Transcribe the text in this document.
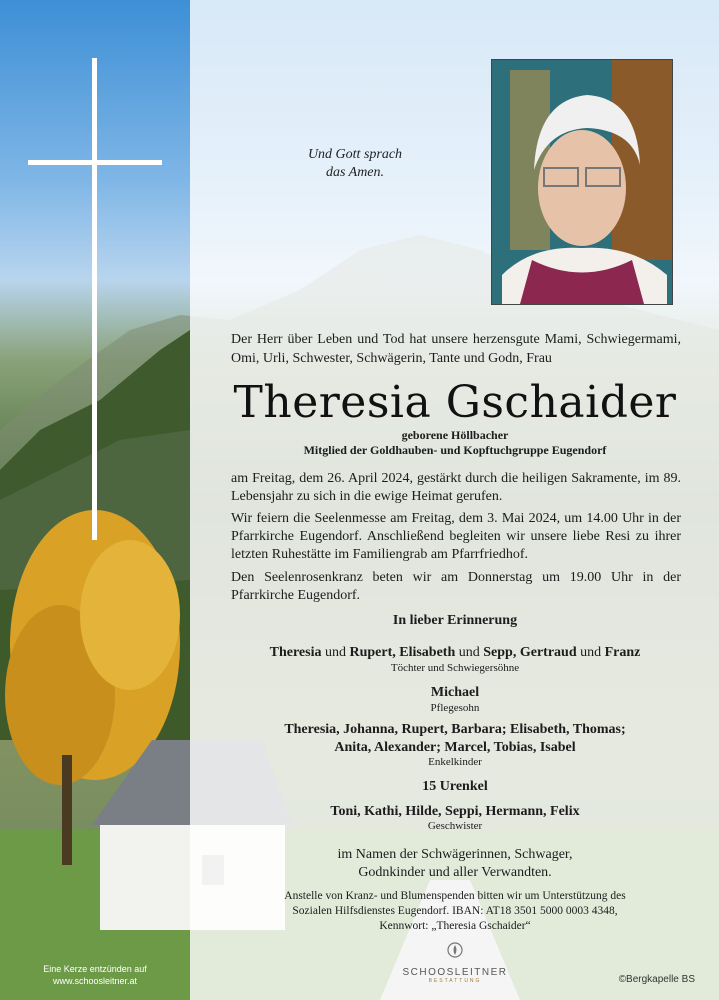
Und Gott sprach
das Amen.
Der Herr über Leben und Tod hat unsere herzensgute Mami, Schwiegermami, Omi, Urli, Schwester, Schwägerin, Tante und Godn, Frau
Theresia Gschaider
geborene Höllbacher
Mitglied der Goldhauben- und Kopftuchgruppe Eugendorf
am Freitag, dem 26. April 2024, gestärkt durch die heiligen Sakramente, im 89. Lebensjahr zu sich in die ewige Heimat gerufen.
Wir feiern die Seelenmesse am Freitag, dem 3. Mai 2024, um 14.00 Uhr in der Pfarrkirche Eugendorf. Anschließend begleiten wir unsere liebe Resi zu ihrer letzten Ruhestätte im Familiengrab am Pfarrfriedhof.
Den Seelenrosenkranz beten wir am Donnerstag um 19.00 Uhr in der Pfarrkirche Eugendorf.
In lieber Erinnerung
Theresia und Rupert, Elisabeth und Sepp, Gertraud und Franz
Töchter und Schwiegersöhne
Michael
Pflegesohn
Theresia, Johanna, Rupert, Barbara; Elisabeth, Thomas;
Anita, Alexander; Marcel, Tobias, Isabel
Enkelkinder
15 Urenkel
Toni, Kathi, Hilde, Seppi, Hermann, Felix
Geschwister
im Namen der Schwägerinnen, Schwager,
Godnkinder und aller Verwandten.
Anstelle von Kranz- und Blumenspenden bitten wir um Unterstützung des
Sozialen Hilfsdienstes Eugendorf. IBAN: AT18 3501 5000 0003 4348,
Kennwort: „Theresia Gschaider“
Eine Kerze entzünden auf
www.schoosleitner.at
SCHOOSLEITNER
BESTATTUNG	©Bergkapelle BS
